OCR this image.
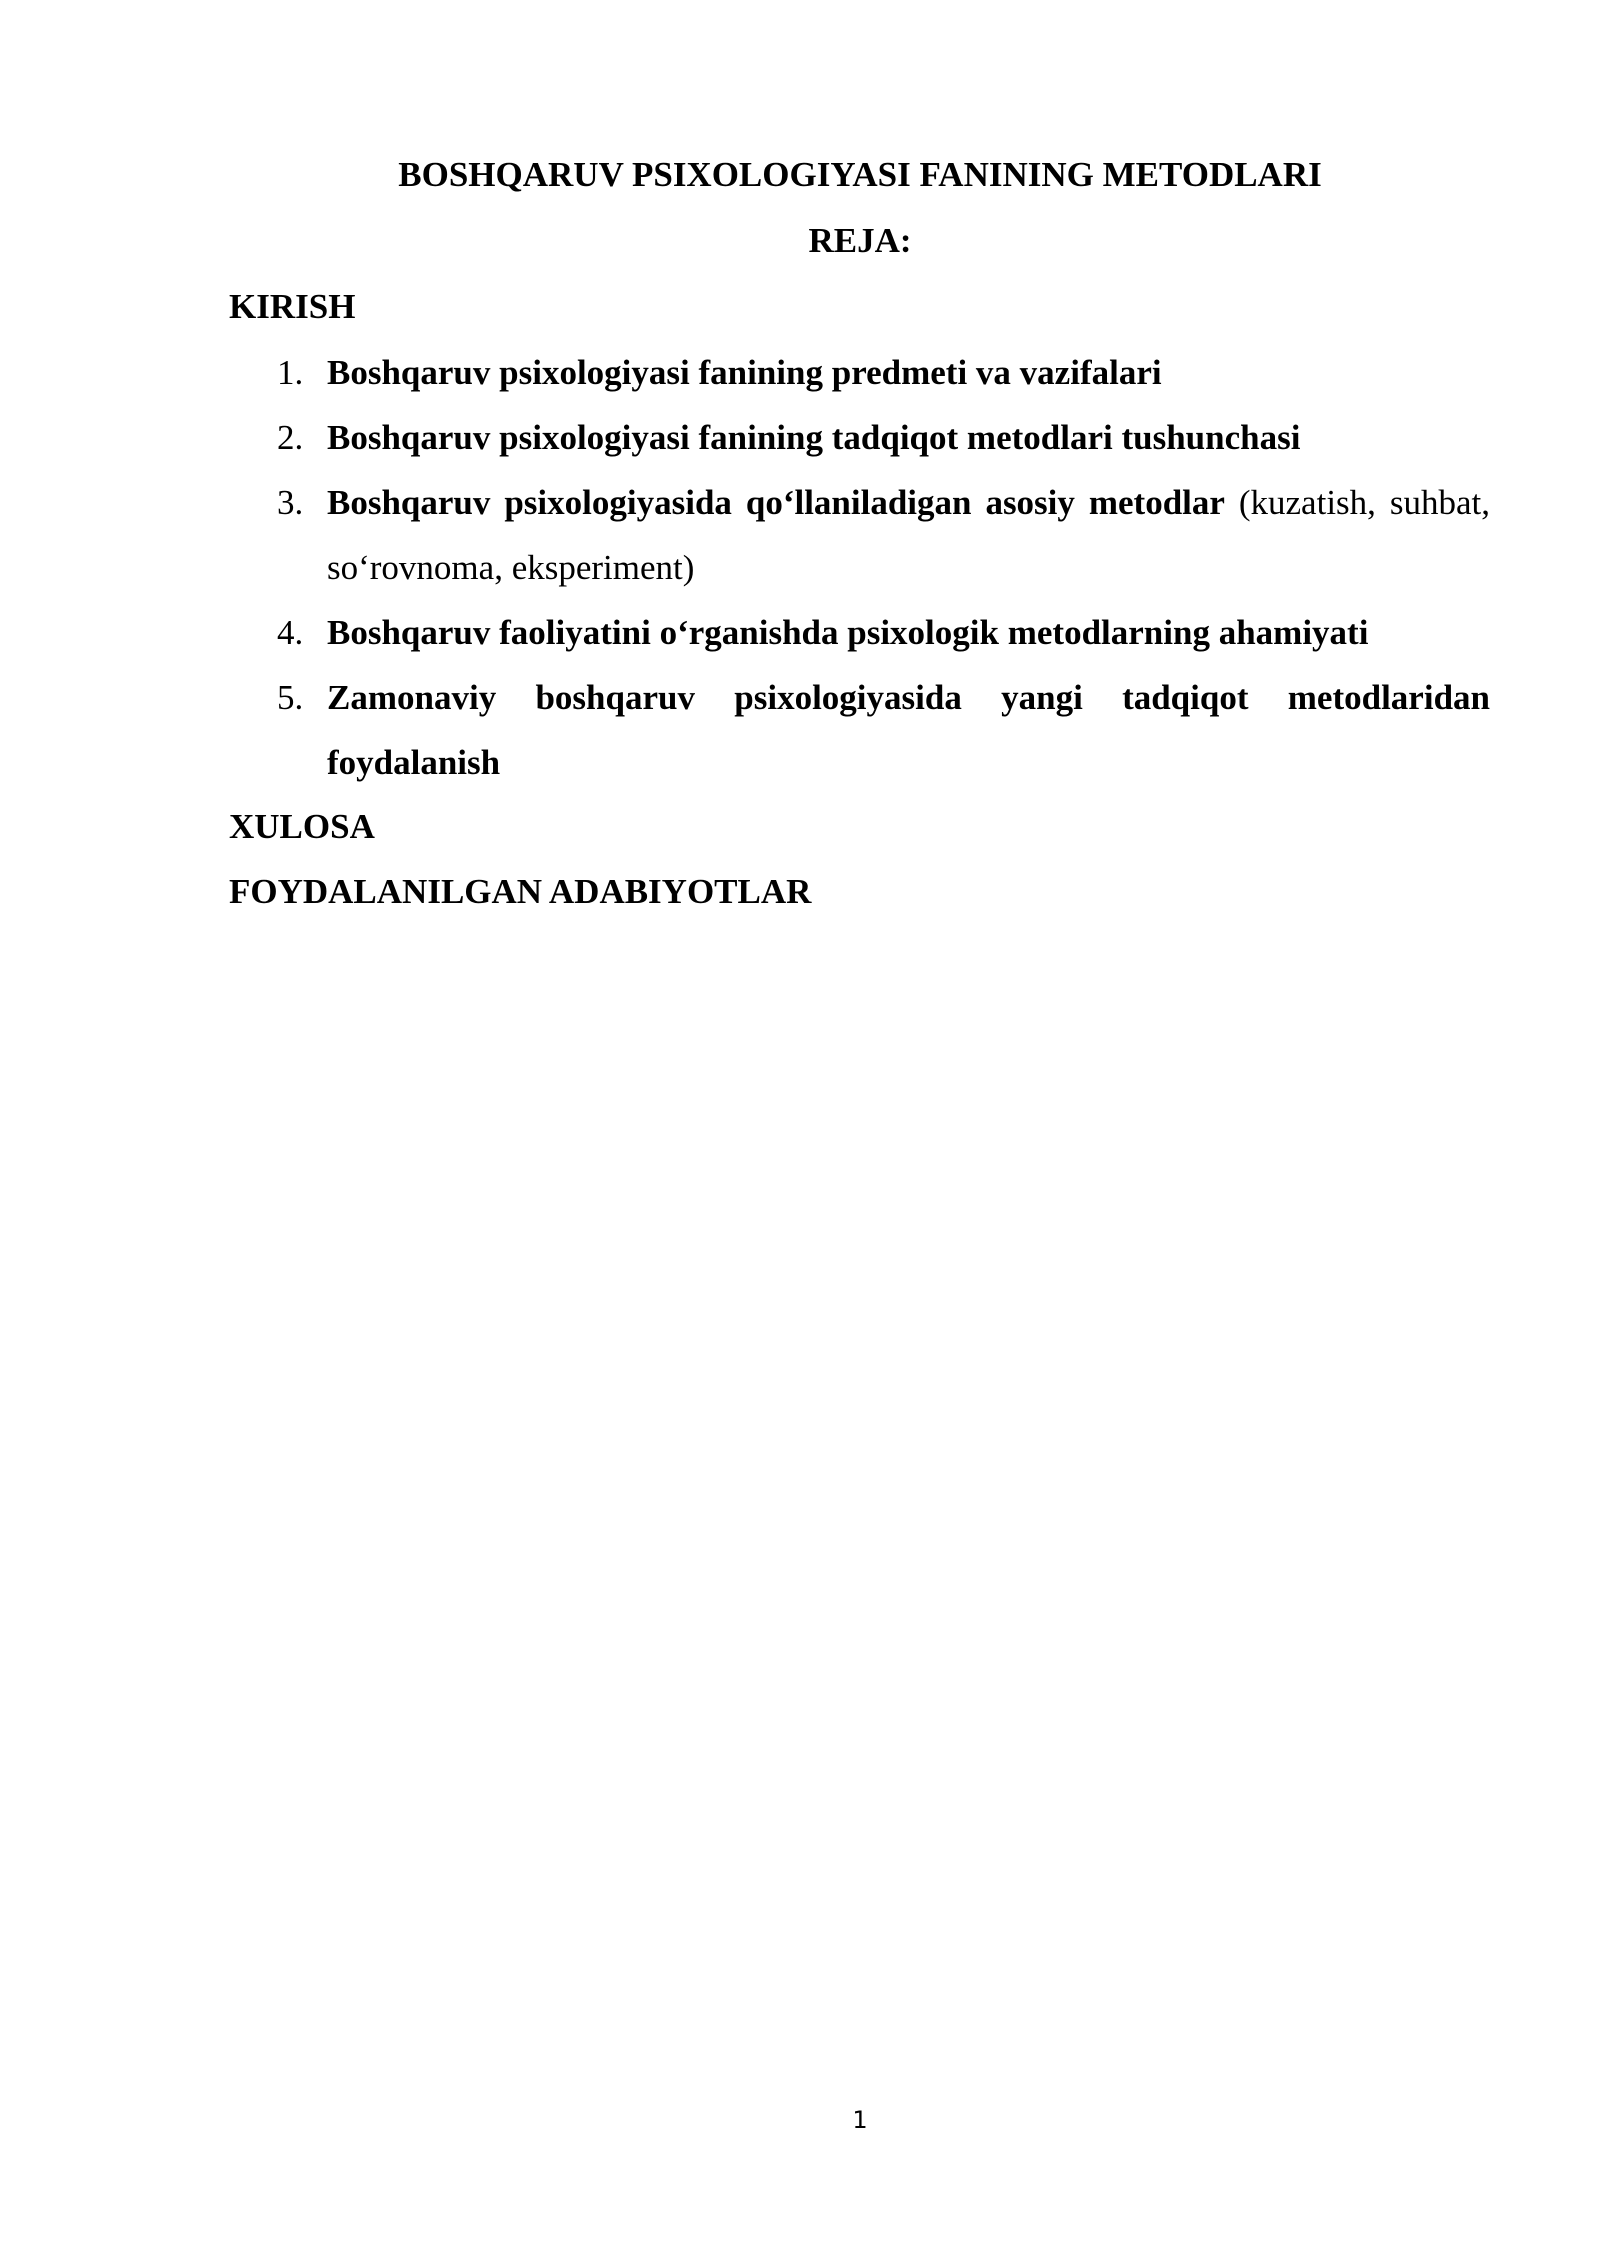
BOSHQARUV PSIXOLOGIYASI FANINING METODLARI
REJA:
KIRISH
1. Boshqaruv psixologiyasi fanining predmeti va vazifalari
2. Boshqaruv psixologiyasi fanining tadqiqot metodlari tushunchasi
3. Boshqaruv psixologiyasida qo‘llaniladigan asosiy metodlar (kuzatish, suhbat, so‘rovnoma, eksperiment)
4. Boshqaruv faoliyatini o‘rganishda psixologik metodlarning ahamiyati
5. Zamonaviy boshqaruv psixologiyasida yangi tadqiqot metodlaridan foydalanish
XULOSA
FOYDALANILGAN ADABIYOTLAR
1
